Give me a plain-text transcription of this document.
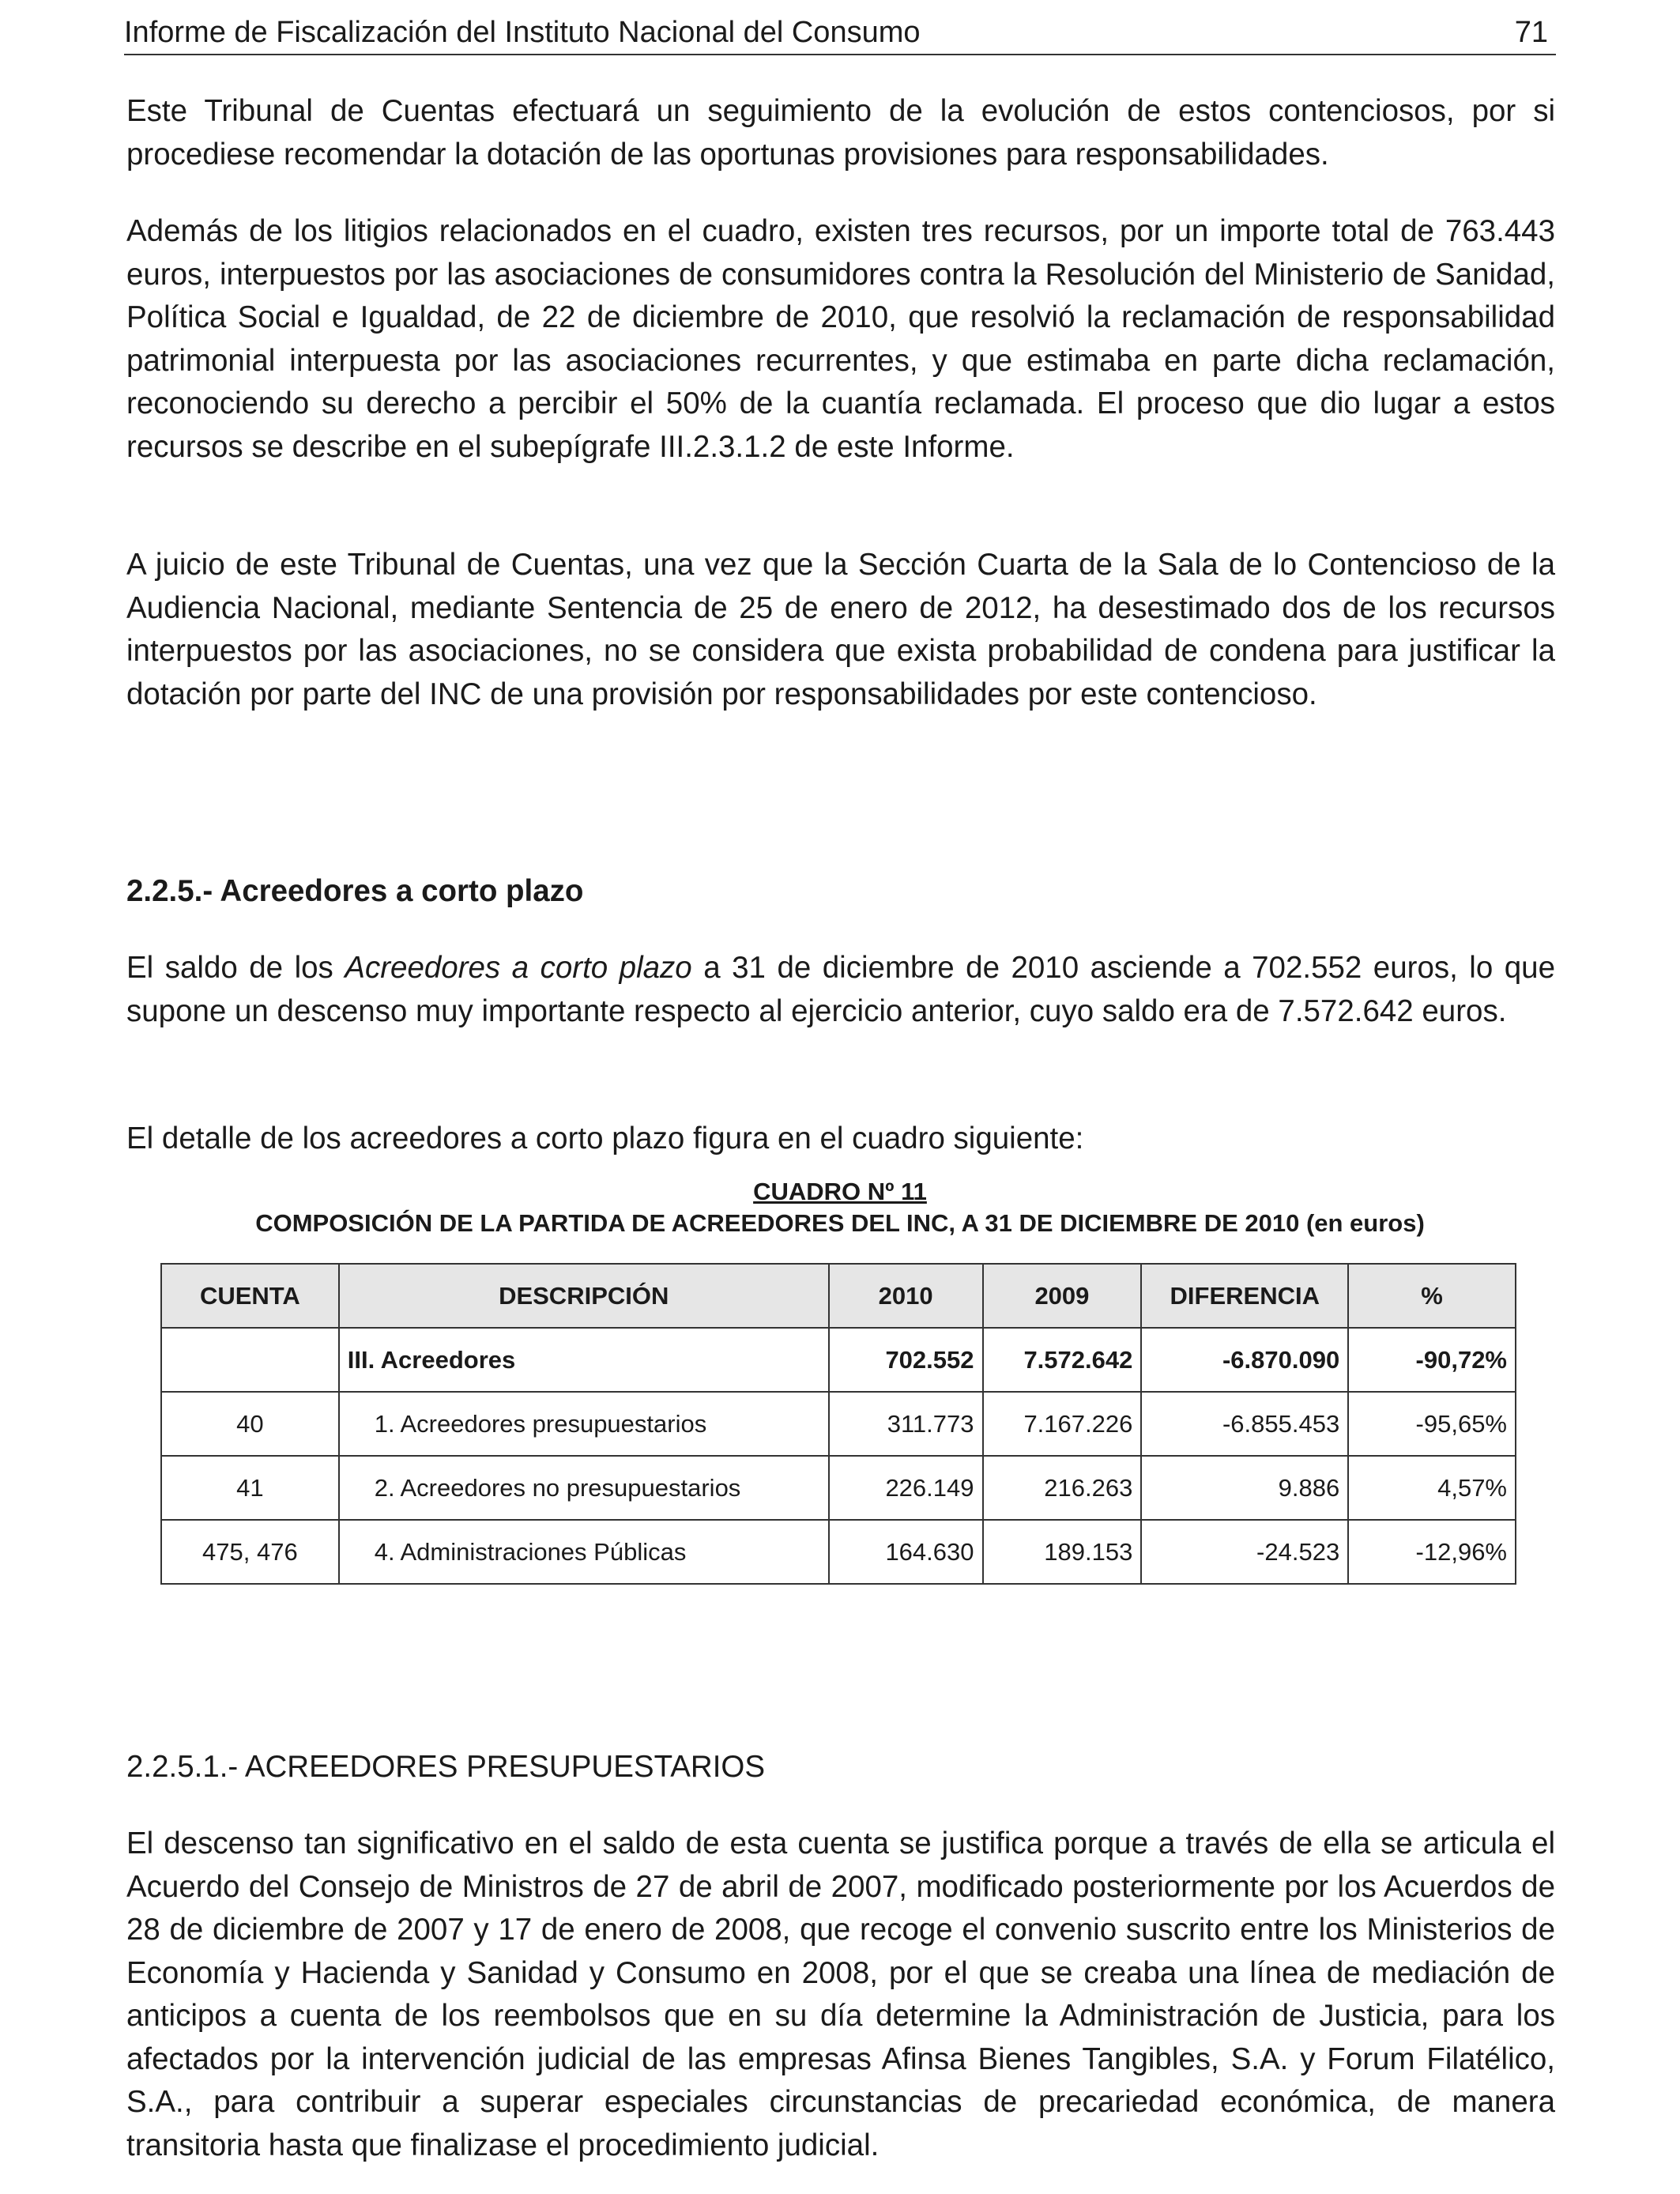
Informe de Fiscalización del Instituto Nacional del Consumo	71

Este Tribunal de Cuentas efectuará un seguimiento de la evolución de estos contenciosos, por si procediese recomendar la dotación de las oportunas provisiones para responsabilidades.

Además de los litigios relacionados en el cuadro, existen tres recursos, por un importe total de 763.443 euros, interpuestos por las asociaciones de consumidores contra la Resolución del Ministerio de Sanidad, Política Social e Igualdad, de 22 de diciembre de 2010, que resolvió la reclamación de responsabilidad patrimonial interpuesta por las asociaciones recurrentes, y que estimaba en parte dicha reclamación, reconociendo su derecho a percibir el 50% de la cuantía reclamada. El proceso que dio lugar a estos recursos se describe en el subepígrafe III.2.3.1.2 de este Informe.

A juicio de este Tribunal de Cuentas, una vez que la Sección Cuarta de la Sala de lo Contencioso de la Audiencia Nacional, mediante Sentencia de 25 de enero de 2012, ha desestimado dos de los recursos interpuestos por las asociaciones, no se considera que exista probabilidad de condena para justificar la dotación por parte del INC de una provisión por responsabilidades por este contencioso.

2.2.5.- Acreedores a corto plazo

El saldo de los Acreedores a corto plazo a 31 de diciembre de 2010 asciende a 702.552 euros, lo que supone un descenso muy importante respecto al ejercicio anterior, cuyo saldo era de 7.572.642 euros.

El detalle de los acreedores a corto plazo figura en el cuadro siguiente:

CUADRO Nº 11
COMPOSICIÓN DE LA PARTIDA DE ACREEDORES DEL INC, A 31 DE DICIEMBRE DE 2010 (en euros)
CUENTA	DESCRIPCIÓN	2010	2009	DIFERENCIA	%
	III. Acreedores	702.552	7.572.642	-6.870.090	-90,72%
40	1. Acreedores presupuestarios	311.773	7.167.226	-6.855.453	-95,65%
41	2. Acreedores no presupuestarios	226.149	216.263	9.886	4,57%
475, 476	4. Administraciones Públicas	164.630	189.153	-24.523	-12,96%

2.2.5.1.- ACREEDORES PRESUPUESTARIOS

El descenso tan significativo en el saldo de esta cuenta se justifica porque a través de ella se articula el Acuerdo del Consejo de Ministros de 27 de abril de 2007, modificado posteriormente por los Acuerdos de 28 de diciembre de 2007 y 17 de enero de 2008, que recoge el convenio suscrito entre los Ministerios de Economía y Hacienda y Sanidad y Consumo en 2008, por el que se creaba una línea de mediación de anticipos a cuenta de los reembolsos que en su día determine la Administración de Justicia, para los afectados por la intervención judicial de las empresas Afinsa Bienes Tangibles, S.A. y Forum Filatélico, S.A., para contribuir a superar especiales circunstancias de precariedad económica, de manera transitoria hasta que finalizase el procedimiento judicial.
